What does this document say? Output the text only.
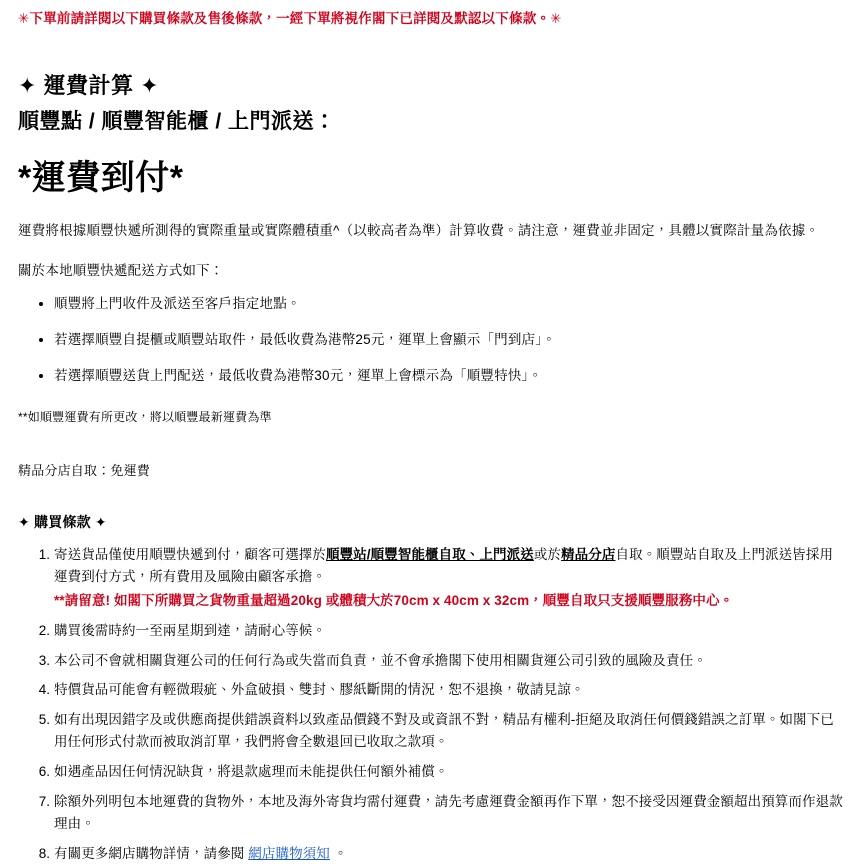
✳下單前請詳閱以下購買條款及售後條款，一經下單將視作閣下已詳閱及默認以下條款。✳
✦ 運費計算 ✦
順豐點 / 順豐智能櫃 / 上門派送：
*運費到付*

運費將根據順豐快遞所測得的實際重量或實際體積重^（以較高者為準）計算收費。請注意，運費並非固定，具體以實際計量為依據。

關於本地順豐快遞配送方式如下：

• 順豐將上門收件及派送至客戶指定地點。
• 若選擇順豐自提櫃或順豐站取件，最低收費為港幣25元，運單上會顯示「門到店」。
• 若選擇順豐送貨上門配送，最低收費為港幣30元，運單上會標示為「順豐特快」。

**如順豐運費有所更改，將以順豐最新運費為準

精品分店自取：免運費

✦ 購買條款 ✦
1. 寄送貨品僅使用順豐快遞到付，顧客可選擇於順豐站/順豐智能櫃自取、上門派送或於精品分店自取。順豐站自取及上門派送皆採用運費到付方式，所有費用及風險由顧客承擔。
**請留意! 如閣下所購買之貨物重量超過20kg 或體積大於70cm x 40cm x 32cm，順豐自取只支援順豐服務中心。
2. 購買後需時約一至兩星期到達，請耐心等候。
3. 本公司不會就相關貨運公司的任何行為或失當而負責，並不會承擔閣下使用相關貨運公司引致的風險及責任。
4. 特價貨品可能會有輕微瑕疵、外盒破損、雙封、膠紙斷開的情況，恕不退換，敬請見諒。
5. 如有出現因錯字及或供應商提供錯誤資料以致產品價錢不對及或資訊不對，精品有權利-拒絕及取消任何價錢錯誤之訂單。如閣下已用任何形式付款而被取消訂單，我們將會全數退回已收取之款項。
6. 如遇產品因任何情況缺貨，將退款處理而未能提供任何額外補償。
7. 除額外列明包本地運費的貨物外，本地及海外寄貨均需付運費，請先考慮運費金額再作下單，恕不接受因運費金額超出預算而作退款理由。
8. 有關更多網店購物詳情，請參閱 網店購物須知 。
